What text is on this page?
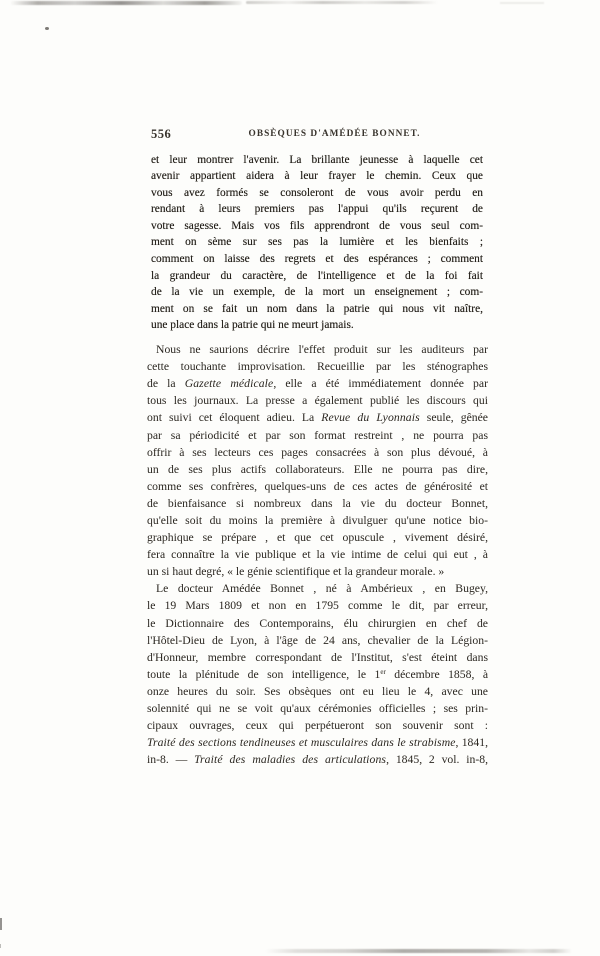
556	OBSÈQUES D'AMÉDÉE BONNET.
et leur montrer l'avenir. La brillante jeunesse à laquelle cet
avenir appartient aidera à leur frayer le chemin. Ceux que
vous avez formés se consoleront de vous avoir perdu en
rendant à leurs premiers pas l'appui qu'ils reçurent de
votre sagesse. Mais vos fils apprendront de vous seul com-
ment on sème sur ses pas la lumière et les bienfaits ;
comment on laisse des regrets et des espérances ; comment
la grandeur du caractère, de l'intelligence et de la foi fait
de la vie un exemple, de la mort un enseignement ; com-
ment on se fait un nom dans la patrie qui nous vit naître,
une place dans la patrie qui ne meurt jamais.
Nous ne saurions décrire l'effet produit sur les auditeurs par
cette touchante improvisation. Recueillie par les sténographes
de la Gazette médicale, elle a été immédiatement donnée par
tous les journaux. La presse a également publié les discours qui
ont suivi cet éloquent adieu. La Revue du Lyonnais seule, gênée
par sa périodicité et par son format restreint , ne pourra pas
offrir à ses lecteurs ces pages consacrées à son plus dévoué, à
un de ses plus actifs collaborateurs. Elle ne pourra pas dire,
comme ses confrères, quelques-uns de ces actes de générosité et
de bienfaisance si nombreux dans la vie du docteur Bonnet,
qu'elle soit du moins la première à divulguer qu'une notice bio-
graphique se prépare , et que cet opuscule , vivement désiré,
fera connaître la vie publique et la vie intime de celui qui eut , à
un si haut degré, « le génie scientifique et la grandeur morale. »
Le docteur Amédée Bonnet , né à Ambérieux , en Bugey,
le 19 Mars 1809 et non en 1795 comme le dit, par erreur,
le Dictionnaire des Contemporains, élu chirurgien en chef de
l'Hôtel-Dieu de Lyon, à l'âge de 24 ans, chevalier de la Légion-
d'Honneur, membre correspondant de l'Institut, s'est éteint dans
toute la plénitude de son intelligence, le 1er décembre 1858, à
onze heures du soir. Ses obsèques ont eu lieu le 4, avec une
solennité qui ne se voit qu'aux cérémonies officielles ; ses prin-
cipaux ouvrages, ceux qui perpétueront son souvenir sont :
Traité des sections tendineuses et musculaires dans le strabisme, 1841,
in-8. — Traité des maladies des articulations, 1845, 2 vol. in-8,
